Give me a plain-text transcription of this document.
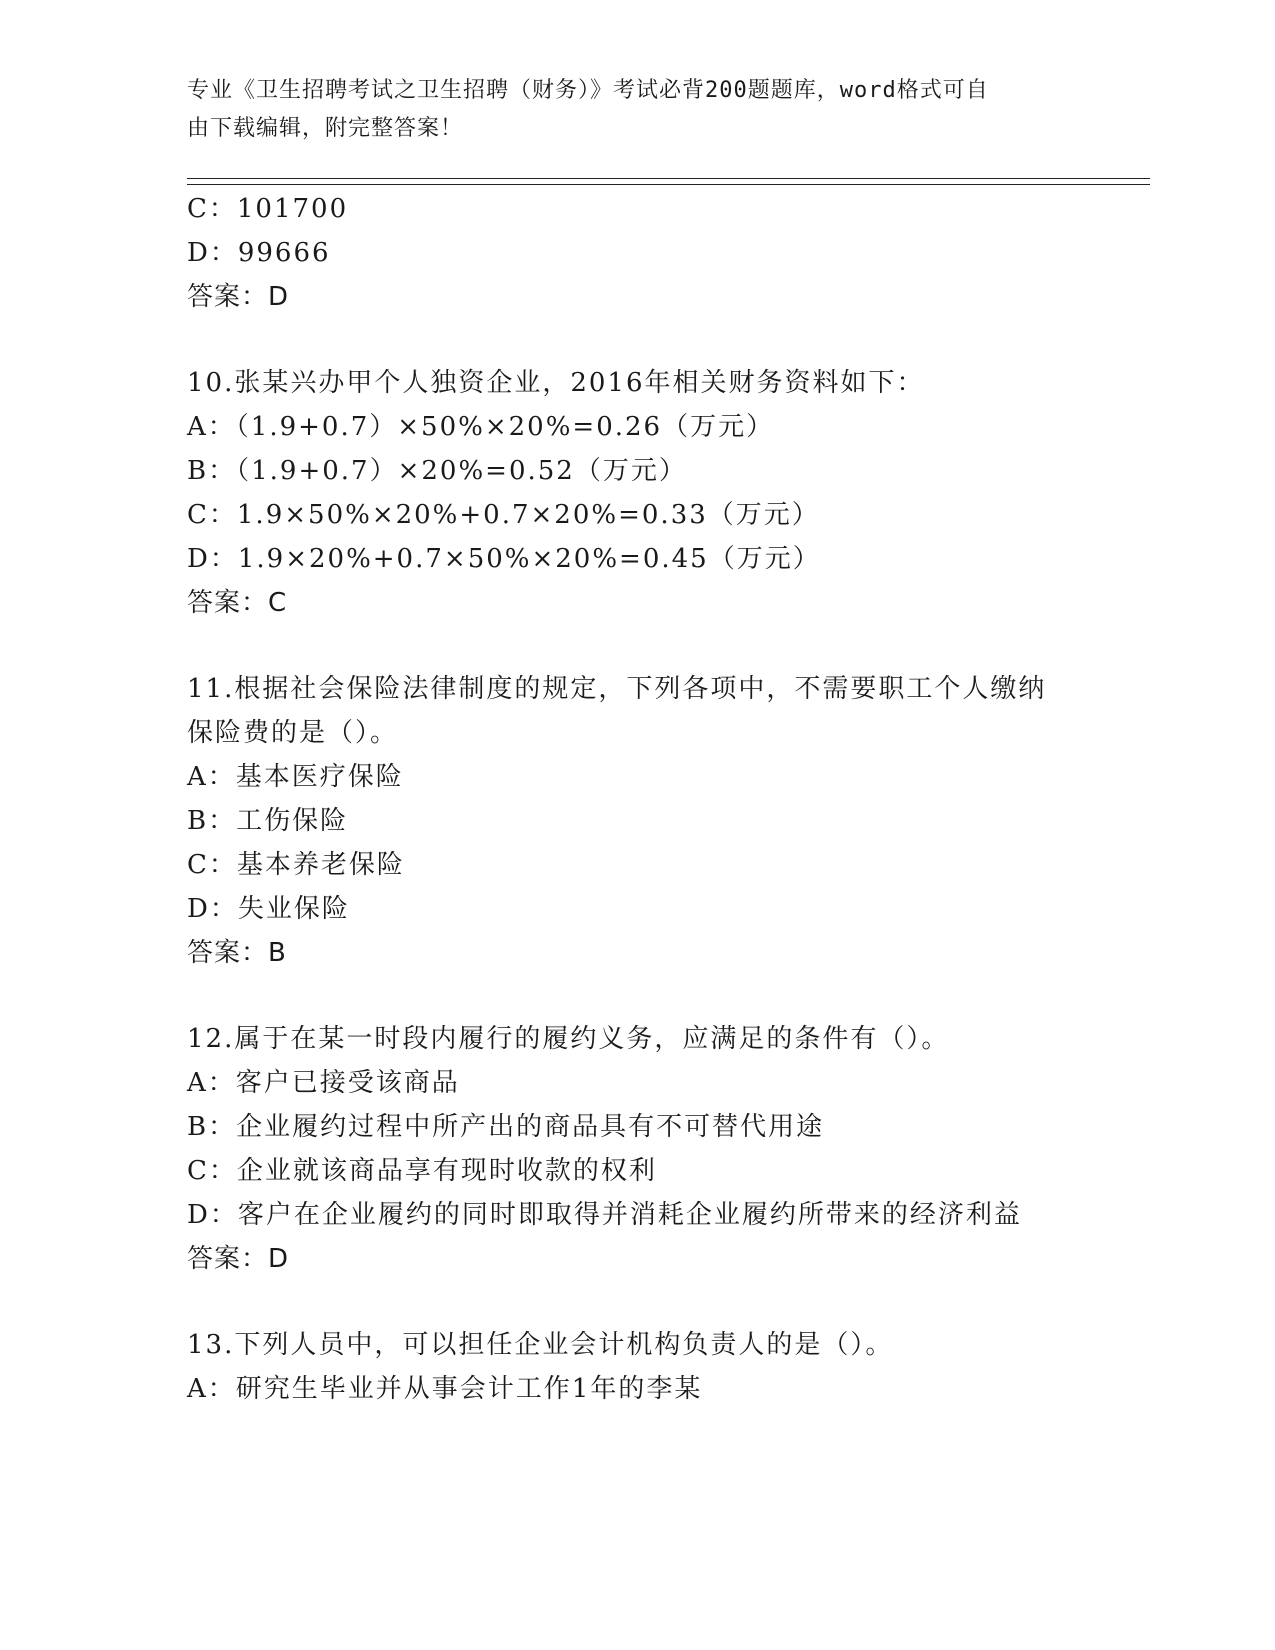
专业《卫生招聘考试之卫生招聘（财务）》考试必背200题题库，word格式可自
由下载编辑，附完整答案！
C：101700
D：99666
答案：D
10.张某兴办甲个人独资企业，2016年相关财务资料如下：
A：（1.9+0.7）×50%×20%=0.26（万元）
B：（1.9+0.7）×20%=0.52（万元）
C：1.9×50%×20%+0.7×20%=0.33（万元）
D：1.9×20%+0.7×50%×20%=0.45（万元）
答案：C
11.根据社会保险法律制度的规定，下列各项中，不需要职工个人缴纳
保险费的是（）。
A：基本医疗保险
B：工伤保险
C：基本养老保险
D：失业保险
答案：B
12.属于在某一时段内履行的履约义务，应满足的条件有（）。
A：客户已接受该商品
B：企业履约过程中所产出的商品具有不可替代用途
C：企业就该商品享有现时收款的权利
D：客户在企业履约的同时即取得并消耗企业履约所带来的经济利益
答案：D
13.下列人员中，可以担任企业会计机构负责人的是（）。
A：研究生毕业并从事会计工作1年的李某
